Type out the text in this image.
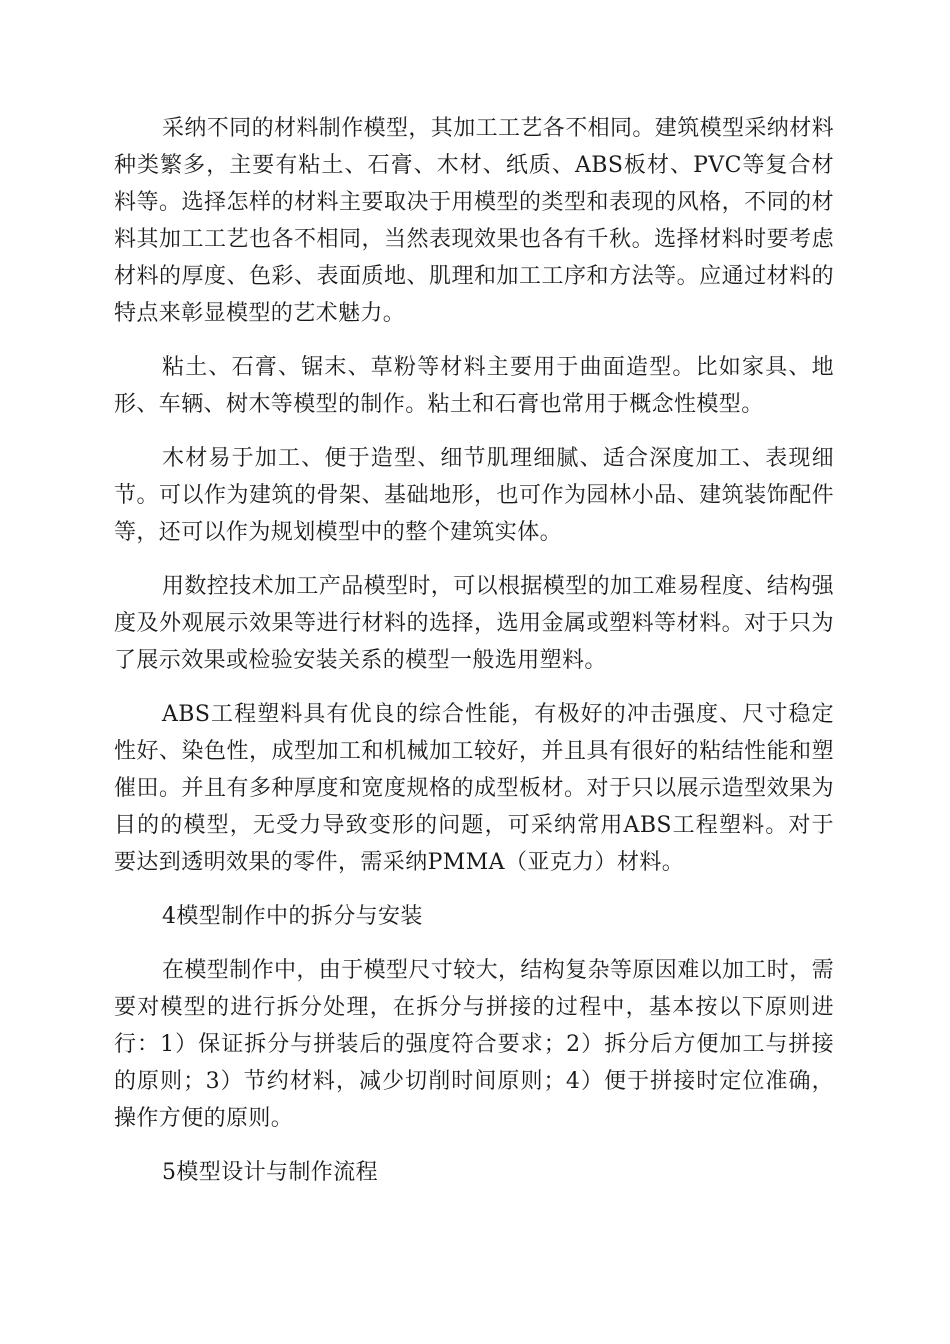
采纳不同的材料制作模型，其加工工艺各不相同。建筑模型采纳材料种类繁多，主要有粘土、石膏、木材、纸质、ABS板材、PVC等复合材料等。选择怎样的材料主要取决于用模型的类型和表现的风格，不同的材料其加工工艺也各不相同，当然表现效果也各有千秋。选择材料时要考虑材料的厚度、色彩、表面质地、肌理和加工工序和方法等。应通过材料的特点来彰显模型的艺术魅力。

粘土、石膏、锯末、草粉等材料主要用于曲面造型。比如家具、地形、车辆、树木等模型的制作。粘土和石膏也常用于概念性模型。

木材易于加工、便于造型、细节肌理细腻、适合深度加工、表现细节。可以作为建筑的骨架、基础地形，也可作为园林小品、建筑装饰配件等，还可以作为规划模型中的整个建筑实体。

用数控技术加工产品模型时，可以根据模型的加工难易程度、结构强度及外观展示效果等进行材料的选择，选用金属或塑料等材料。对于只为了展示效果或检验安装关系的模型一般选用塑料。

ABS工程塑料具有优良的综合性能，有极好的冲击强度、尺寸稳定性好、染色性，成型加工和机械加工较好，并且具有很好的粘结性能和塑催田。并且有多种厚度和宽度规格的成型板材。对于只以展示造型效果为目的的模型，无受力导致变形的问题，可采纳常用ABS工程塑料。对于要达到透明效果的零件，需采纳PMMA（亚克力）材料。

4模型制作中的拆分与安装

在模型制作中，由于模型尺寸较大，结构复杂等原因难以加工时，需要对模型的进行拆分处理，在拆分与拼接的过程中，基本按以下原则进行：1）保证拆分与拼装后的强度符合要求；2）拆分后方便加工与拼接的原则；3）节约材料，减少切削时间原则；4）便于拼接时定位准确，操作方便的原则。

5模型设计与制作流程
